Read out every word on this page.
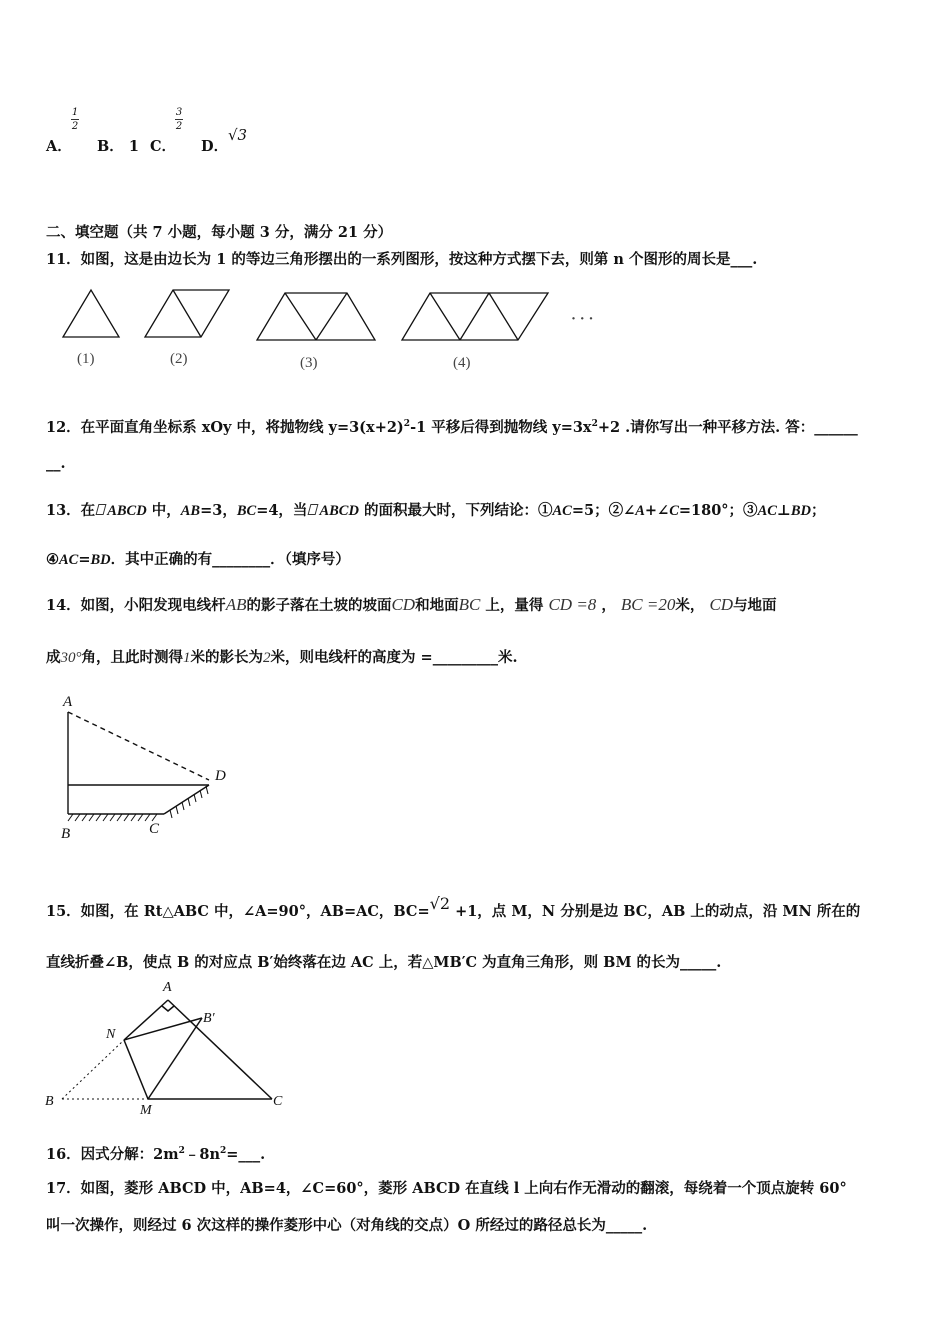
A．
1
2
B． 1 C．
3
2
D．
√3
二、填空题（共 7 小题，每小题 3 分，满分 21 分）
11．如图，这是由边长为 1 的等边三角形摆出的一系列图形，按这种方式摆下去，则第 n 个图形的周长是___.
(1)	(2)	(3)	(4)
· · ·
12．在平面直角坐标系 xOy 中，将抛物线 $y=3(x+2)^2-1$ 平移后得到抛物线 $y=3x^2+2$ .请你写出一种平移方法. 答：______
__.
13．在 ABCD 中，AB=3，BC=4，当 ABCD 的面积最大时，下列结论：①AC=5；②∠A+∠C=180°；③AC⊥BD；
④AC=BD．其中正确的有________．（填序号）
14．如图，小阳发现电线杆AB的影子落在土坡的坡面CD和地面BC 上，量得 CD =8 ， BC =20米， CD与地面
成30°角，且此时测得1米的影长为2米，则电线杆的高度为 =_________米.
A
D
B	C
15．如图，在 Rt△ABC 中，∠A=90°，AB=AC，BC=√2 +1，点 M，N 分别是边 BC，AB 上的动点，沿 MN 所在的
直线折叠∠B，使点 B 的对应点 B′始终落在边 AC 上，若△MB′C 为直角三角形，则 BM 的长为_____.
A
B′
N
B
M
C
16．因式分解：$2m^2﹣8n^2=\_\_\_$.
17．如图，菱形 ABCD 中，AB=4，∠C=60°，菱形 ABCD 在直线 l 上向右作无滑动的翻滚，每绕着一个顶点旋转 60°
叫一次操作，则经过 6 次这样的操作菱形中心（对角线的交点）O 所经过的路径总长为_____.
